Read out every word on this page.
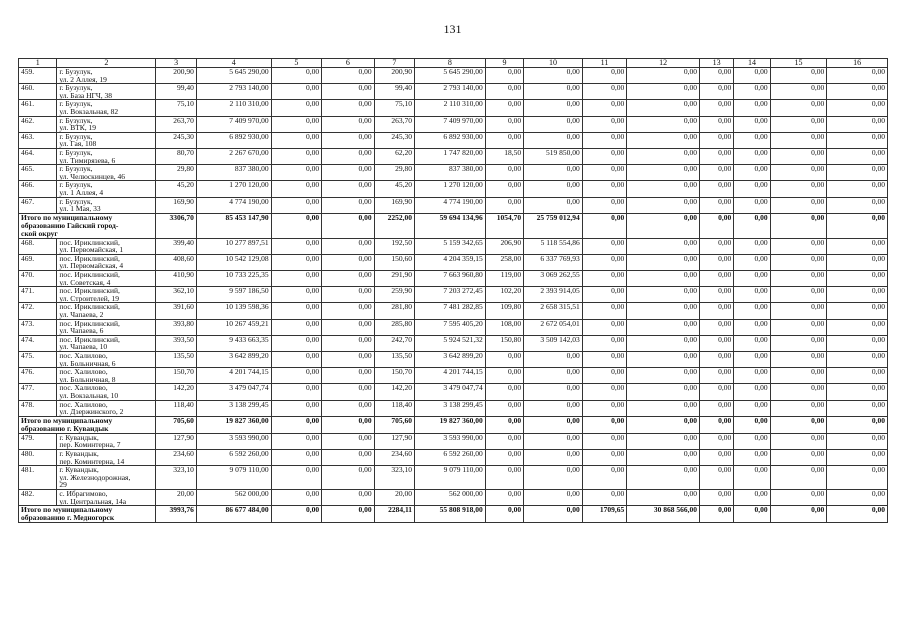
131
1	2	3	4	5	6	7	8	9	10	11	12	13	14	15	16
459.	г. Бузулук,
ул. 2 Аллея, 19	200,90	5 645 290,00	0,00	0,00	200,90	5 645 290,00	0,00	0,00	0,00	0,00	0,00	0,00	0,00	0,00
460.	г. Бузулук,
ул. База НГЧ, 38	99,40	2 793 140,00	0,00	0,00	99,40	2 793 140,00	0,00	0,00	0,00	0,00	0,00	0,00	0,00	0,00
461.	г. Бузулук,
ул. Вокзальная, 82	75,10	2 110 310,00	0,00	0,00	75,10	2 110 310,00	0,00	0,00	0,00	0,00	0,00	0,00	0,00	0,00
462.	г. Бузулук,
ул. ВТК, 19	263,70	7 409 970,00	0,00	0,00	263,70	7 409 970,00	0,00	0,00	0,00	0,00	0,00	0,00	0,00	0,00
463.	г. Бузулук,
ул. Гая, 108	245,30	6 892 930,00	0,00	0,00	245,30	6 892 930,00	0,00	0,00	0,00	0,00	0,00	0,00	0,00	0,00
464.	г. Бузулук,
ул. Тимирязева, 6	80,70	2 267 670,00	0,00	0,00	62,20	1 747 820,00	18,50	519 850,00	0,00	0,00	0,00	0,00	0,00	0,00
465.	г. Бузулук,
ул. Челюскинцев, 46	29,80	837 380,00	0,00	0,00	29,80	837 380,00	0,00	0,00	0,00	0,00	0,00	0,00	0,00	0,00
466.	г. Бузулук,
ул. 1 Аллея, 4	45,20	1 270 120,00	0,00	0,00	45,20	1 270 120,00	0,00	0,00	0,00	0,00	0,00	0,00	0,00	0,00
467.	г. Бузулук,
ул. 1 Мая, 33	169,90	4 774 190,00	0,00	0,00	169,90	4 774 190,00	0,00	0,00	0,00	0,00	0,00	0,00	0,00	0,00

Итого по муниципальному
образованию Гайский город-
ской округ		3306,70	85 453 147,90	0,00	0,00	2252,00	59 694 134,96	1054,70	25 759 012,94	0,00	0,00	0,00	0,00	0,00	0,00
468.	пос. Ириклинский,
ул. Первомайская, 1	399,40	10 277 897,51	0,00	0,00	192,50	5 159 342,65	206,90	5 118 554,86	0,00	0,00	0,00	0,00	0,00	0,00
469.	пос. Ириклинский,
ул. Первомайская, 4	408,60	10 542 129,08	0,00	0,00	150,60	4 204 359,15	258,00	6 337 769,93	0,00	0,00	0,00	0,00	0,00	0,00
470.	пос. Ириклинский,
ул. Советская, 4	410,90	10 733 225,35	0,00	0,00	291,90	7 663 960,80	119,00	3 069 262,55	0,00	0,00	0,00	0,00	0,00	0,00
471.	пос. Ириклинский,
ул. Строителей, 19	362,10	9 597 186,50	0,00	0,00	259,90	7 203 272,45	102,20	2 393 914,05	0,00	0,00	0,00	0,00	0,00	0,00
472.	пос. Ириклинский,
ул. Чапаева, 2	391,60	10 139 598,36	0,00	0,00	281,80	7 481 282,85	109,80	2 658 315,51	0,00	0,00	0,00	0,00	0,00	0,00
473.	пос. Ириклинский,
ул. Чапаева, 6	393,80	10 267 459,21	0,00	0,00	285,80	7 595 405,20	108,00	2 672 054,01	0,00	0,00	0,00	0,00	0,00	0,00
474.	пос. Ириклинский,
ул. Чапаева, 10	393,50	9 433 663,35	0,00	0,00	242,70	5 924 521,32	150,80	3 509 142,03	0,00	0,00	0,00	0,00	0,00	0,00
475.	пос. Халилово,
ул. Больничная, 6	135,50	3 642 899,20	0,00	0,00	135,50	3 642 899,20	0,00	0,00	0,00	0,00	0,00	0,00	0,00	0,00
476.	пос. Халилово,
ул. Больничная, 8	150,70	4 201 744,15	0,00	0,00	150,70	4 201 744,15	0,00	0,00	0,00	0,00	0,00	0,00	0,00	0,00
477.	пос. Халилово,
ул. Вокзальная, 10	142,20	3 479 047,74	0,00	0,00	142,20	3 479 047,74	0,00	0,00	0,00	0,00	0,00	0,00	0,00	0,00
478.	пос. Халилово,
ул. Дзержинского, 2	118,40	3 138 299,45	0,00	0,00	118,40	3 138 299,45	0,00	0,00	0,00	0,00	0,00	0,00	0,00	0,00

Итого по муниципальному
образованию г. Кувандык		705,60	19 827 360,00	0,00	0,00	705,60	19 827 360,00	0,00	0,00	0,00	0,00	0,00	0,00	0,00	0,00
479.	г. Кувандык,
пер. Коминтерна, 7	127,90	3 593 990,00	0,00	0,00	127,90	3 593 990,00	0,00	0,00	0,00	0,00	0,00	0,00	0,00	0,00
480.	г. Кувандык,
пер. Коминтерна, 14	234,60	6 592 260,00	0,00	0,00	234,60	6 592 260,00	0,00	0,00	0,00	0,00	0,00	0,00	0,00	0,00
481.	г. Кувандык,
ул. Железнодорожная,
29	323,10	9 079 110,00	0,00	0,00	323,10	9 079 110,00	0,00	0,00	0,00	0,00	0,00	0,00	0,00	0,00
482.	с. Ибрагимово,
ул. Центральная, 14а	20,00	562 000,00	0,00	0,00	20,00	562 000,00	0,00	0,00	0,00	0,00	0,00	0,00	0,00	0,00

Итого по муниципальному
образованию г. Медногорск		3993,76	86 677 484,00	0,00	0,00	2284,11	55 808 918,00	0,00	0,00	1709,65	30 868 566,00	0,00	0,00	0,00	0,00
